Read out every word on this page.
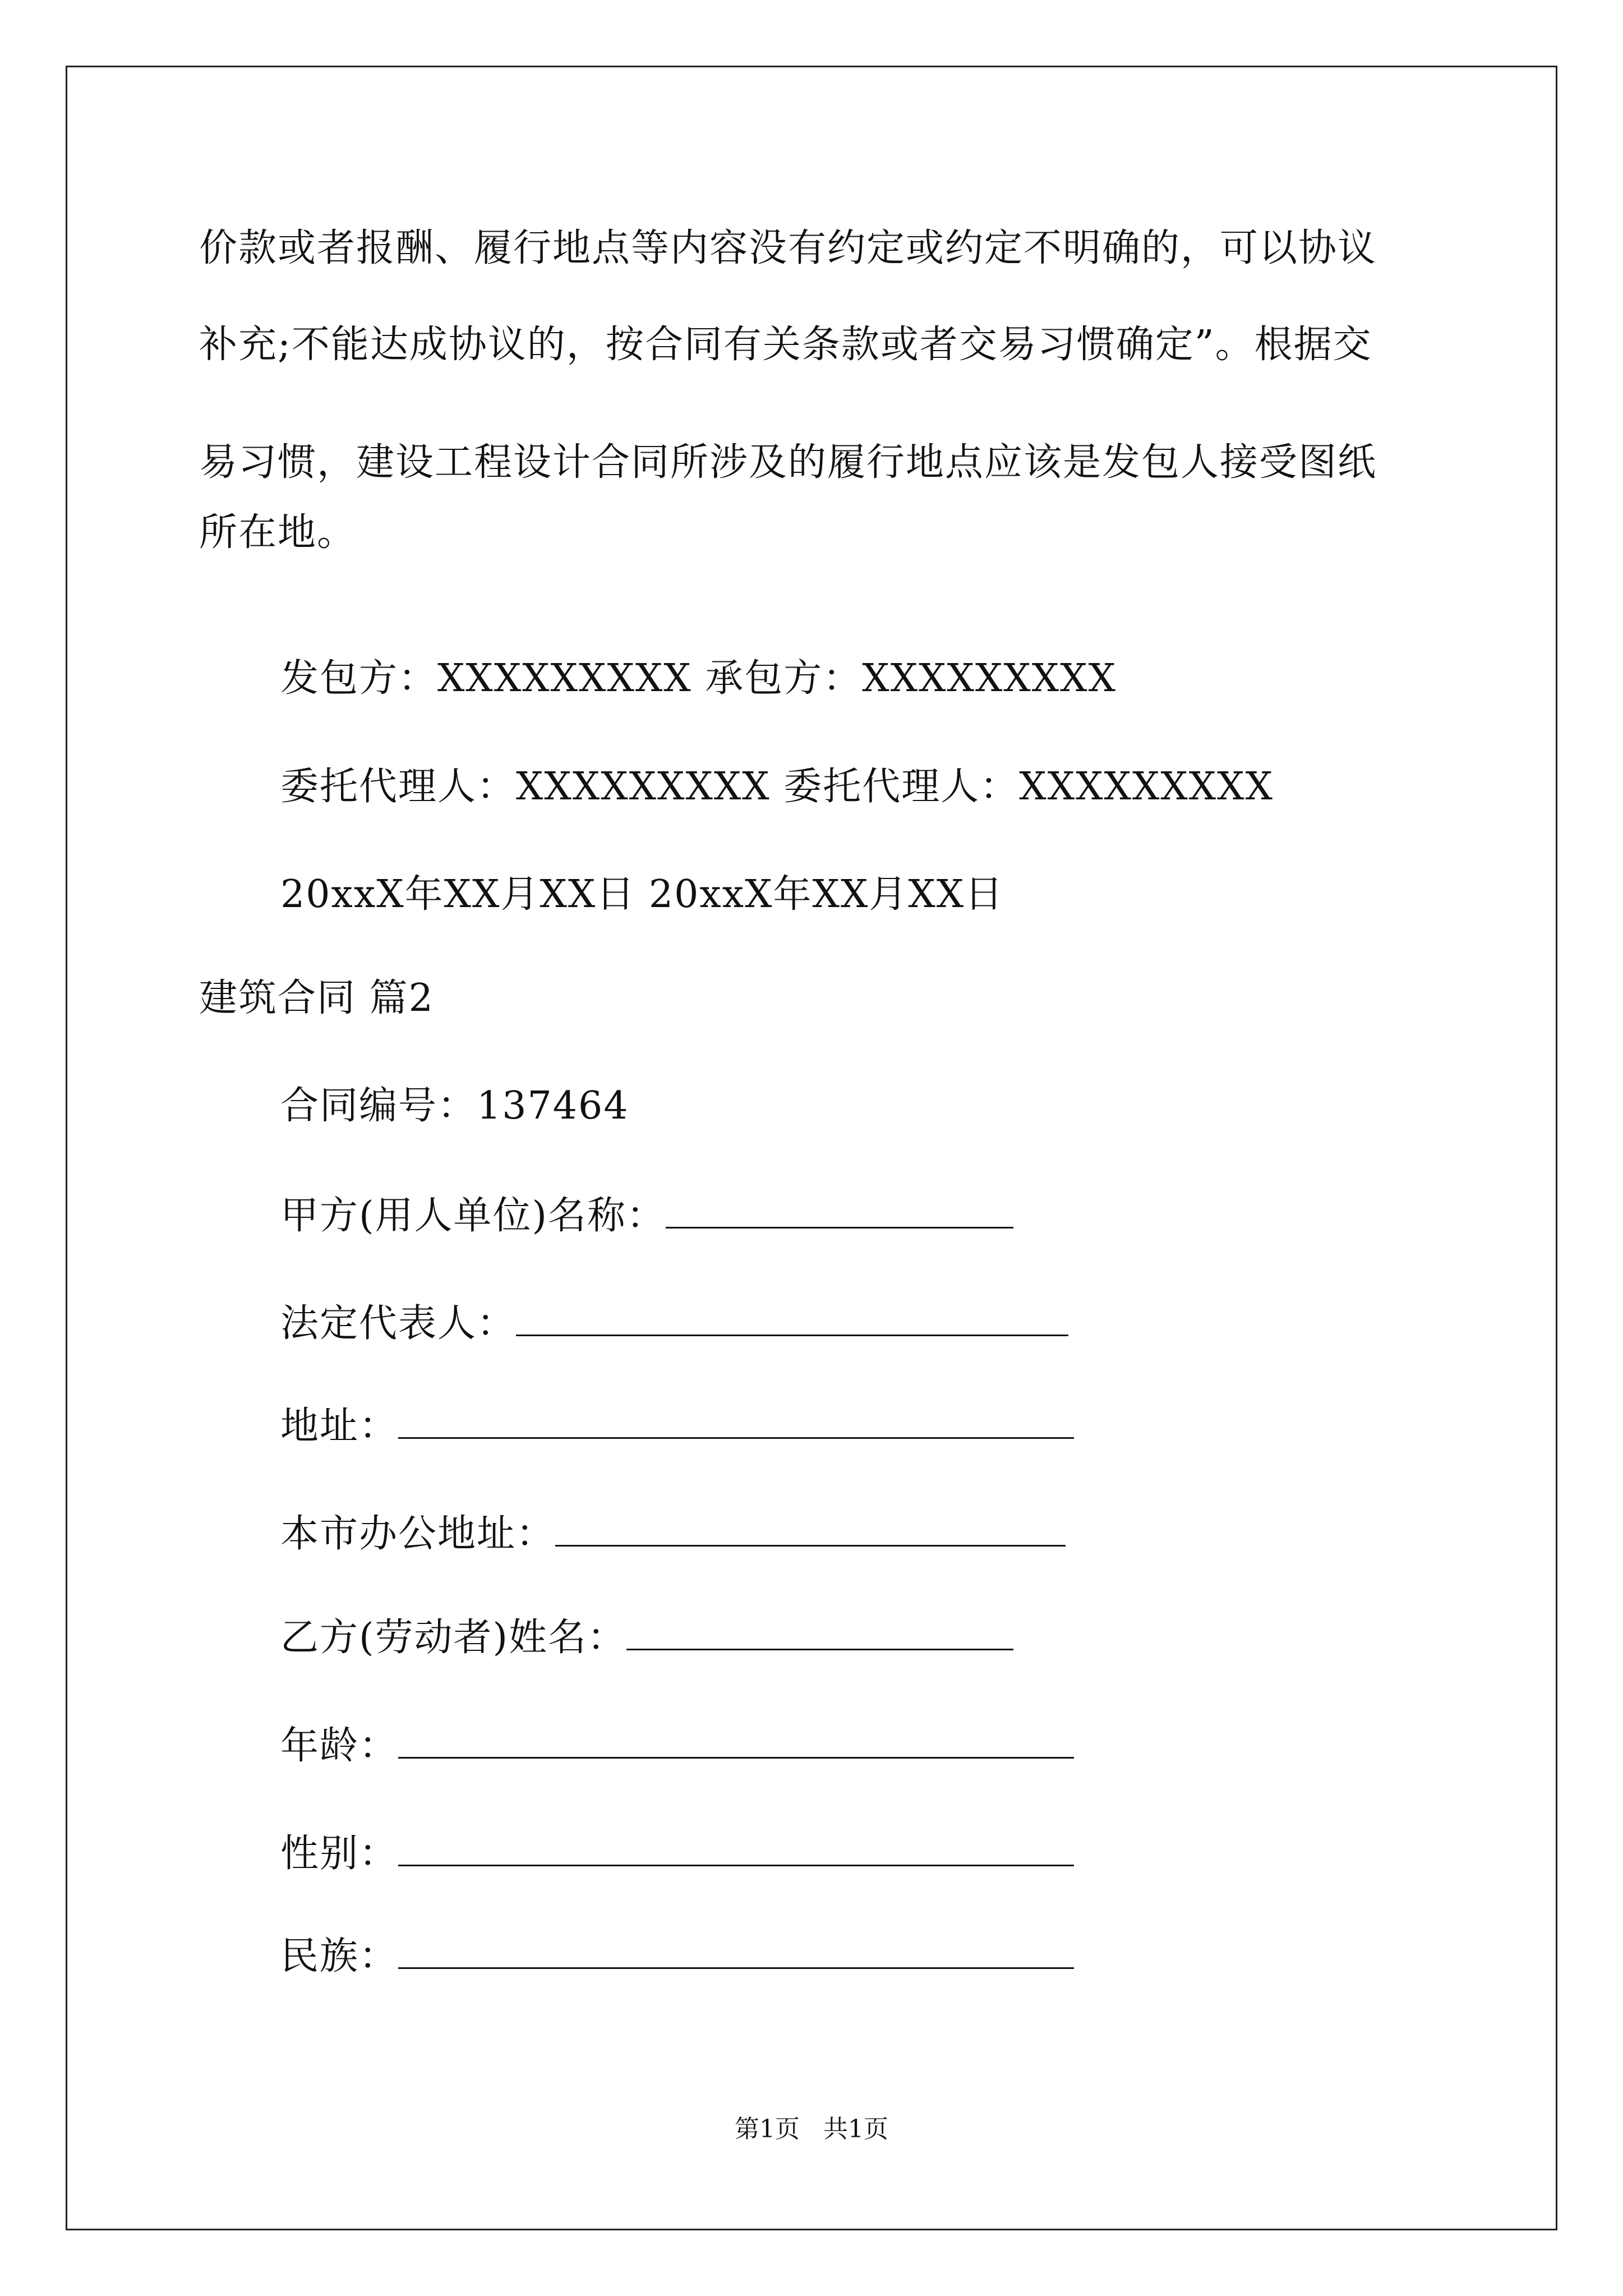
价款或者报酬、履行地点等内容没有约定或约定不明确的，可以协议
补充;不能达成协议的，按合同有关条款或者交易习惯确定”。根据交
易习惯，建设工程设计合同所涉及的履行地点应该是发包人接受图纸
所在地。
发包方：XXXXXXXXX 承包方：XXXXXXXXX
委托代理人：XXXXXXXXX 委托代理人：XXXXXXXXX
20xxX年XX月XX日 20xxX年XX月XX日
建筑合同 篇2
合同编号：137464
甲方(用人单位)名称：
法定代表人：
地址：
本市办公地址：
乙方(劳动者)姓名：
年龄：
性别：
民族：
第1页   共1页
